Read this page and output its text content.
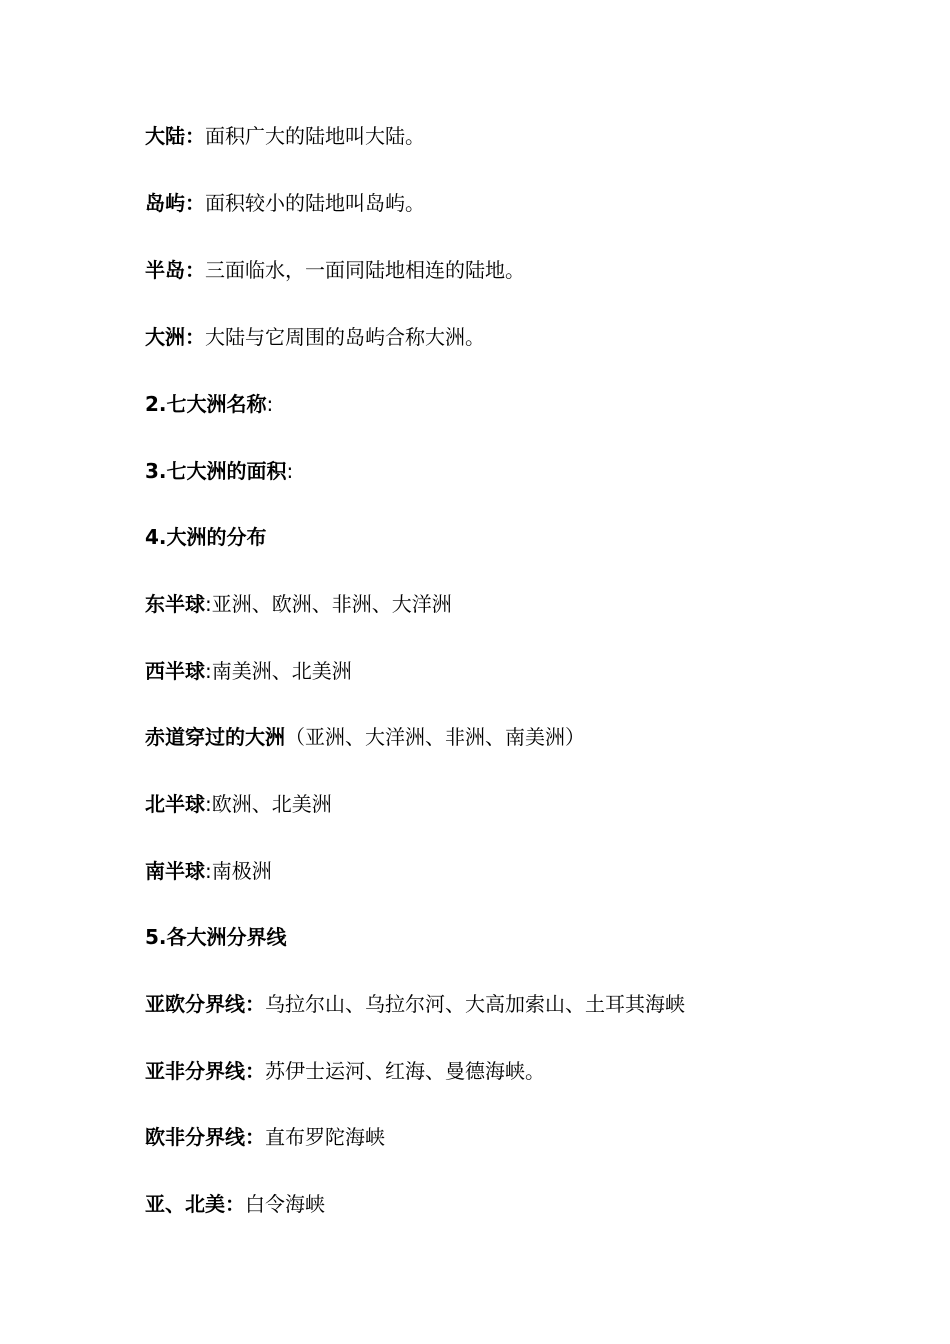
大陆：面积广大的陆地叫大陆。
岛屿：面积较小的陆地叫岛屿。
半岛：三面临水，一面同陆地相连的陆地。
大洲：大陆与它周围的岛屿合称大洲。
2.七大洲名称:
3.七大洲的面积:
4.大洲的分布
东半球:亚洲、欧洲、非洲、大洋洲
西半球:南美洲、北美洲
赤道穿过的大洲（亚洲、大洋洲、非洲、南美洲）
北半球:欧洲、北美洲
南半球:南极洲
5.各大洲分界线
亚欧分界线：乌拉尔山、乌拉尔河、大高加索山、土耳其海峡
亚非分界线：苏伊士运河、红海、曼德海峡。
欧非分界线：直布罗陀海峡
亚、北美：白令海峡
